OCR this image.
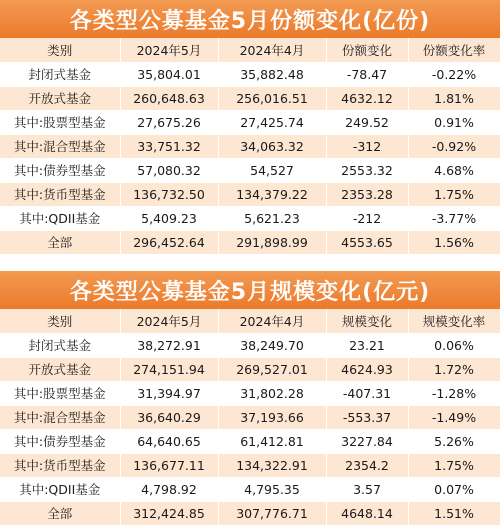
各类型公募基金5月份额变化(亿份)
类别	2024年5月	2024年4月	份额变化	份额变化率
封闭式基金	35,804.01	35,882.48	-78.47	-0.22%
开放式基金	260,648.63	256,016.51	4632.12	1.81%
其中:股票型基金	27,675.26	27,425.74	249.52	0.91%
其中:混合型基金	33,751.32	34,063.32	-312	-0.92%
其中:债券型基金	57,080.32	54,527	2553.32	4.68%
其中:货币型基金	136,732.50	134,379.22	2353.28	1.75%
其中:QDII基金	5,409.23	5,621.23	-212	-3.77%
全部	296,452.64	291,898.99	4553.65	1.56%
各类型公募基金5月规模变化(亿元)
类别	2024年5月	2024年4月	规模变化	规模变化率
封闭式基金	38,272.91	38,249.70	23.21	0.06%
开放式基金	274,151.94	269,527.01	4624.93	1.72%
其中:股票型基金	31,394.97	31,802.28	-407.31	-1.28%
其中:混合型基金	36,640.29	37,193.66	-553.37	-1.49%
其中:债券型基金	64,640.65	61,412.81	3227.84	5.26%
其中:货币型基金	136,677.11	134,322.91	2354.2	1.75%
其中:QDII基金	4,798.92	4,795.35	3.57	0.07%
全部	312,424.85	307,776.71	4648.14	1.51%
